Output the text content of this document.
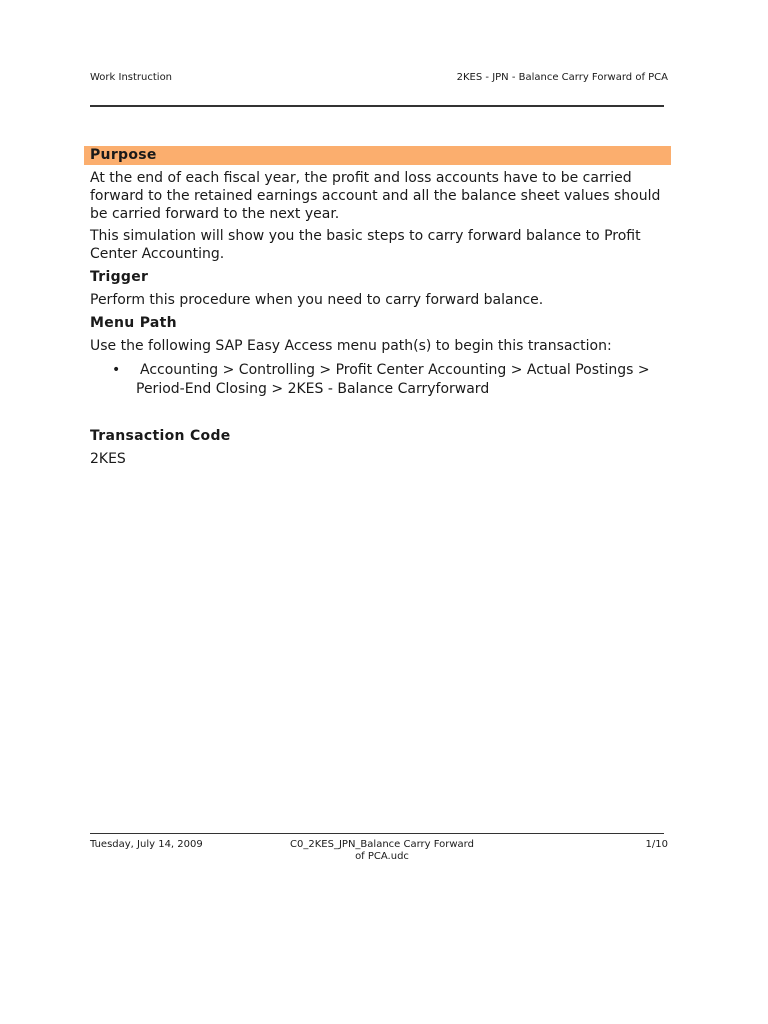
Work Instruction	2KES - JPN - Balance Carry Forward of PCA
Purpose

At the end of each fiscal year, the profit and loss accounts have to be carried forward to the retained earnings account and all the balance sheet values should be carried forward to the next year.

This simulation will show you the basic steps to carry forward balance to Profit Center Accounting.

Trigger

Perform this procedure when you need to carry forward balance.

Menu Path

Use the following SAP Easy Access menu path(s) to begin this transaction:

• Accounting > Controlling > Profit Center Accounting > Actual Postings > Period-End Closing > 2KES - Balance Carryforward

Transaction Code

2KES

Tuesday, July 14, 2009	C0_2KES_JPN_Balance Carry Forward
of PCA.udc
1/10
